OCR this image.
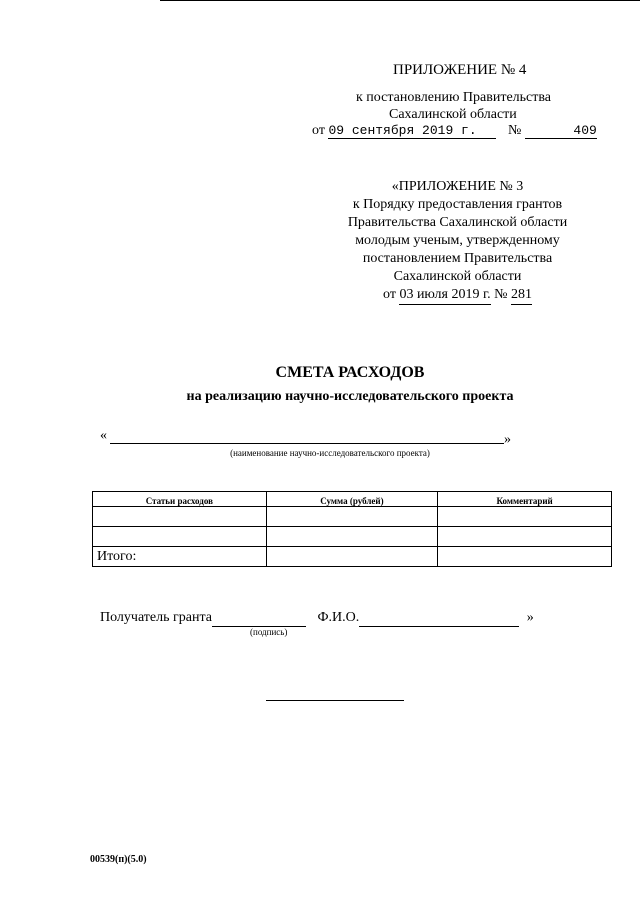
ПРИЛОЖЕНИЕ № 4
к постановлению Правительства
Сахалинской области
от 09 сентября 2019 г. №	409
«ПРИЛОЖЕНИЕ № 3
к Порядку предоставления грантов
Правительства Сахалинской области
молодым ученым, утвержденному
постановлением Правительства
Сахалинской области
от 03 июля 2019 г. № 281
СМЕТА РАСХОДОВ
на реализацию научно-исследовательского проекта
«	»
(наименование научно-исследовательского проекта)
Статьи расходов	Сумма (рублей)	Комментарий

Итого:		
Получатель гранта	Ф.И.О.	»
(подпись)
00539(п)(5.0)
